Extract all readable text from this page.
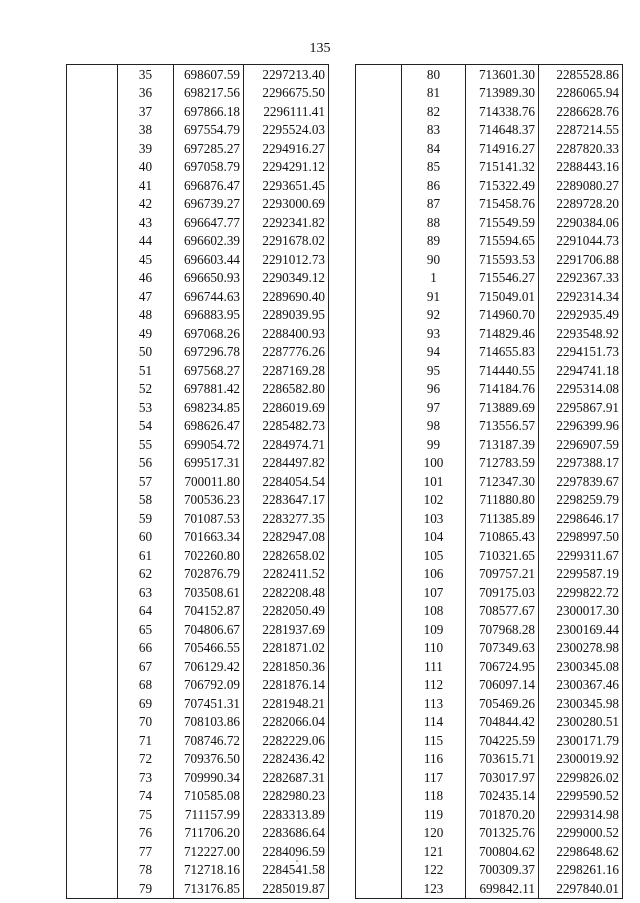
135
	35	698607.59	2297213.40
	36	698217.56	2296675.50
	37	697866.18	2296111.41
	38	697554.79	2295524.03
	39	697285.27	2294916.27
	40	697058.79	2294291.12
	41	696876.47	2293651.45
	42	696739.27	2293000.69
	43	696647.77	2292341.82
	44	696602.39	2291678.02
	45	696603.44	2291012.73
	46	696650.93	2290349.12
	47	696744.63	2289690.40
	48	696883.95	2289039.95
	49	697068.26	2288400.93
	50	697296.78	2287776.26
	51	697568.27	2287169.28
	52	697881.42	2286582.80
	53	698234.85	2286019.69
	54	698626.47	2285482.73
	55	699054.72	2284974.71
	56	699517.31	2284497.82
	57	700011.80	2284054.54
	58	700536.23	2283647.17
	59	701087.53	2283277.35
	60	701663.34	2282947.08
	61	702260.80	2282658.02
	62	702876.79	2282411.52
	63	703508.61	2282208.48
	64	704152.87	2282050.49
	65	704806.67	2281937.69
	66	705466.55	2281871.02
	67	706129.42	2281850.36
	68	706792.09	2281876.14
	69	707451.31	2281948.21
	70	708103.86	2282066.04
	71	708746.72	2282229.06
	72	709376.50	2282436.42
	73	709990.34	2282687.31
	74	710585.08	2282980.23
	75	711157.99	2283313.89
	76	711706.20	2283686.64
	77	712227.00	2284096.59
	78	712718.16	2284541.58
	79	713176.85	2285019.87
	80	713601.30	2285528.86
	81	713989.30	2286065.94
	82	714338.76	2286628.76
	83	714648.37	2287214.55
	84	714916.27	2287820.33
	85	715141.32	2288443.16
	86	715322.49	2289080.27
	87	715458.76	2289728.20
	88	715549.59	2290384.06
	89	715594.65	2291044.73
	90	715593.53	2291706.88
	1	715546.27	2292367.33
	91	715049.01	2292314.34
	92	714960.70	2292935.49
	93	714829.46	2293548.92
	94	714655.83	2294151.73
	95	714440.55	2294741.18
	96	714184.76	2295314.08
	97	713889.69	2295867.91
	98	713556.57	2296399.96
	99	713187.39	2296907.59
	100	712783.59	2297388.17
	101	712347.30	2297839.67
	102	711880.80	2298259.79
	103	711385.89	2298646.17
	104	710865.43	2298997.50
	105	710321.65	2299311.67
	106	709757.21	2299587.19
	107	709175.03	2299822.72
	108	708577.67	2300017.30
	109	707968.28	2300169.44
	110	707349.63	2300278.98
	111	706724.95	2300345.08
	112	706097.14	2300367.46
	113	705469.26	2300345.98
	114	704844.42	2300280.51
	115	704225.59	2300171.79
	116	703615.71	2300019.92
	117	703017.97	2299826.02
	118	702435.14	2299590.52
	119	701870.20	2299314.98
	120	701325.76	2299000.52
	121	700804.62	2298648.62
	122	700309.37	2298261.16
	123	699842.11	2297840.01
